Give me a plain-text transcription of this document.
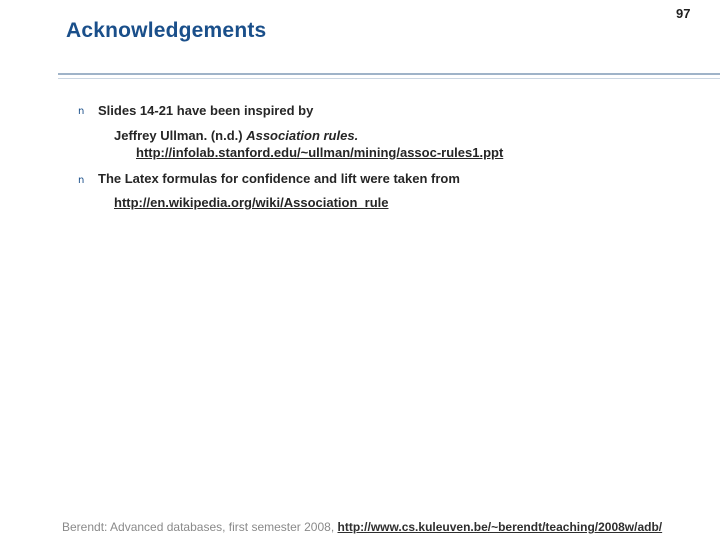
Acknowledgements
97
n Slides 14-21 have been inspired by
Jeffrey Ullman. (n.d.) Association rules.
http://infolab.stanford.edu/~ullman/mining/assoc-rules1.ppt
n The Latex formulas for confidence and lift were taken from
http://en.wikipedia.org/wiki/Association_rule
Berendt: Advanced databases, first semester 2008, http://www.cs.kuleuven.be/~berendt/teaching/2008w/adb/
